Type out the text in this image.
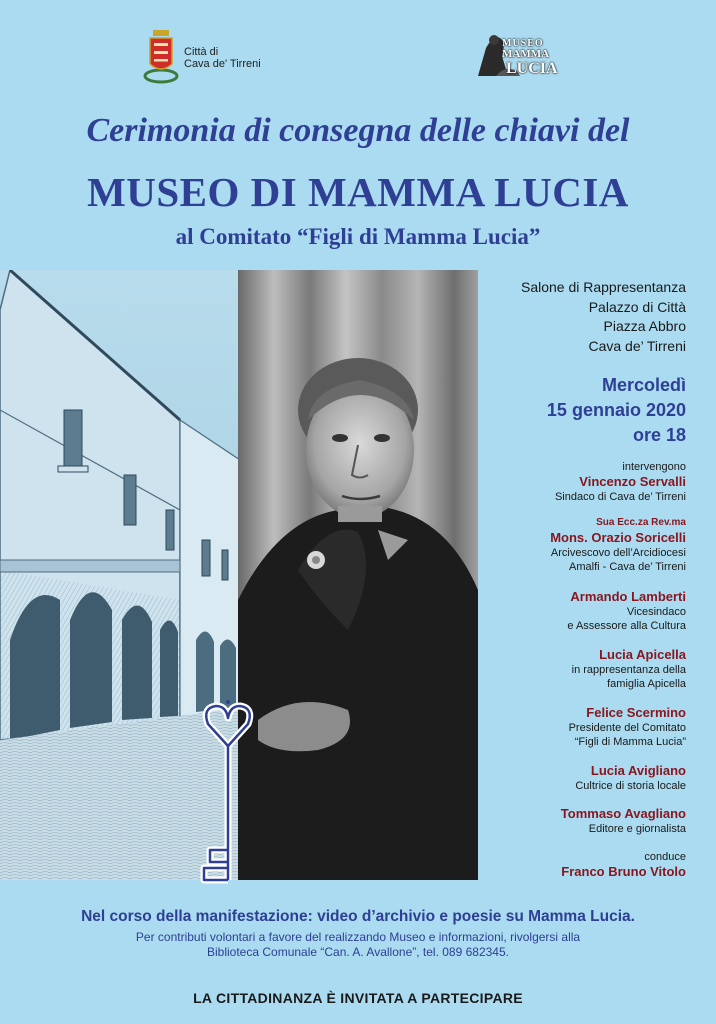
Città di
Cava de' Tirreni
MUSEO
MAMMA
LUCIA
Cerimonia di consegna delle chiavi del
MUSEO DI MAMMA LUCIA
al Comitato “Figli di Mamma Lucia”
Salone di Rappresentanza
Palazzo di Città
Piazza Abbro
Cava de’ Tirreni
Mercoledì
15 gennaio 2020
ore 18
intervengono
Vincenzo Servalli
Sindaco di Cava de’ Tirreni
Sua Ecc.za Rev.ma
Mons. Orazio Soricelli
Arcivescovo dell’Arcidiocesi
Amalfi - Cava de’ Tirreni
Armando Lamberti
Vicesindaco
e Assessore alla Cultura
Lucia Apicella
in rappresentanza della
famiglia Apicella
Felice Scermino
Presidente del Comitato
“Figli di Mamma Lucia”
Lucia Avigliano
Cultrice di storia locale
Tommaso Avagliano
Editore e giornalista
conduce
Franco Bruno Vitolo
Nel corso della manifestazione: video d’archivio e poesie su Mamma Lucia.
Per contributi volontari a favore del realizzando Museo e informazioni, rivolgersi alla
Biblioteca Comunale “Can. A. Avallone”, tel. 089 682345.
LA CITTADINANZA È INVITATA A PARTECIPARE
